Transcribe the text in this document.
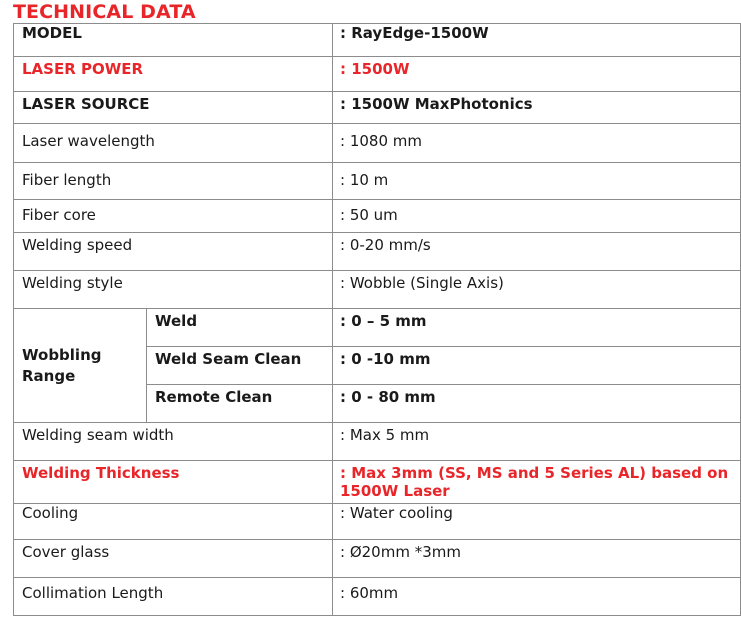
TECHNICAL DATA
MODEL		: RayEdge-1500W
LASER POWER		: 1500W
LASER SOURCE		: 1500W MaxPhotonics
Laser wavelength		: 1080 mm
Fiber length		: 10 m
Fiber core		: 50 um
Welding speed		: 0-20 mm/s
Welding style		: Wobble (Single Axis)

Wobbling
Range	Weld	: 0 – 5 mm
	Weld Seam Clean	: 0 -10 mm
	Remote Clean	: 0 - 80 mm
Welding seam width		: Max 5 mm
Welding Thickness		: Max 3mm (SS, MS and 5 Series AL) based on
1500W Laser

Cooling		: Water cooling
Cover glass		: Ø20mm *3mm
Collimation Length		: 60mm
